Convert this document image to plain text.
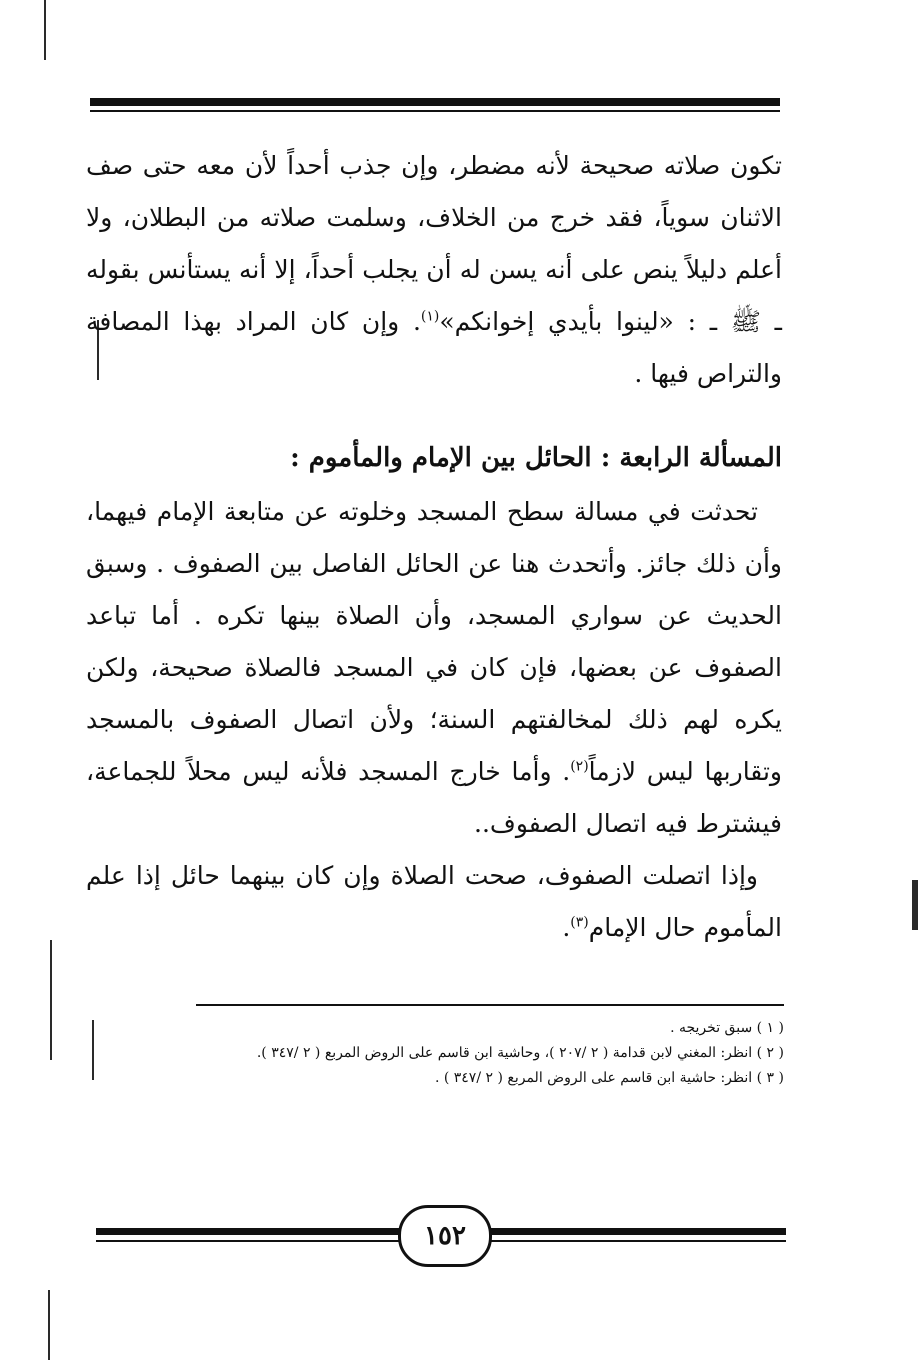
تكون صلاته صحيحة لأنه مضطر، وإن جذب أحداً لأن معه حتى صف الاثنان سوياً، فقد خرج من الخلاف، وسلمت صلاته من البطلان، ولا أعلم دليلاً ينص على أنه يسن له أن يجلب أحداً، إلا أنه يستأنس بقوله ـ ﷺ ـ : «لينوا بأيدي إخوانكم»$^{(١)}$. وإن كان المراد بهذا المصافة والتراص فيها .

المسألة الرابعة : الحائل بين الإمام والمأموم :

تحدثت في مسالة سطح المسجد وخلوته عن متابعة الإمام فيهما، وأن ذلك جائز. وأتحدث هنا عن الحائل الفاصل بين الصفوف . وسبق الحديث عن سواري المسجد، وأن الصلاة بينها تكره . أما تباعد الصفوف عن بعضها، فإن كان في المسجد فالصلاة صحيحة، ولكن يكره لهم ذلك لمخالفتهم السنة؛ ولأن اتصال الصفوف بالمسجد وتقاربها ليس لازماً$^{(٢)}$. وأما خارج المسجد فلأنه ليس محلاً للجماعة، فيشترط فيه اتصال الصفوف..

وإذا اتصلت الصفوف، صحت الصلاة وإن كان بينهما حائل إذا علم المأموم حال الإمام$^{(٣)}$.

( ١ ) سبق تخريجه .

( ٢ ) انظر: المغني لابن قدامة ( ٢ /٢٠٧ )، وحاشية ابن قاسم على الروض المربع ( ٢ /٣٤٧ ).

( ٣ ) انظر: حاشية ابن قاسم على الروض المربع ( ٢ /٣٤٧ ) .

١٥٢
